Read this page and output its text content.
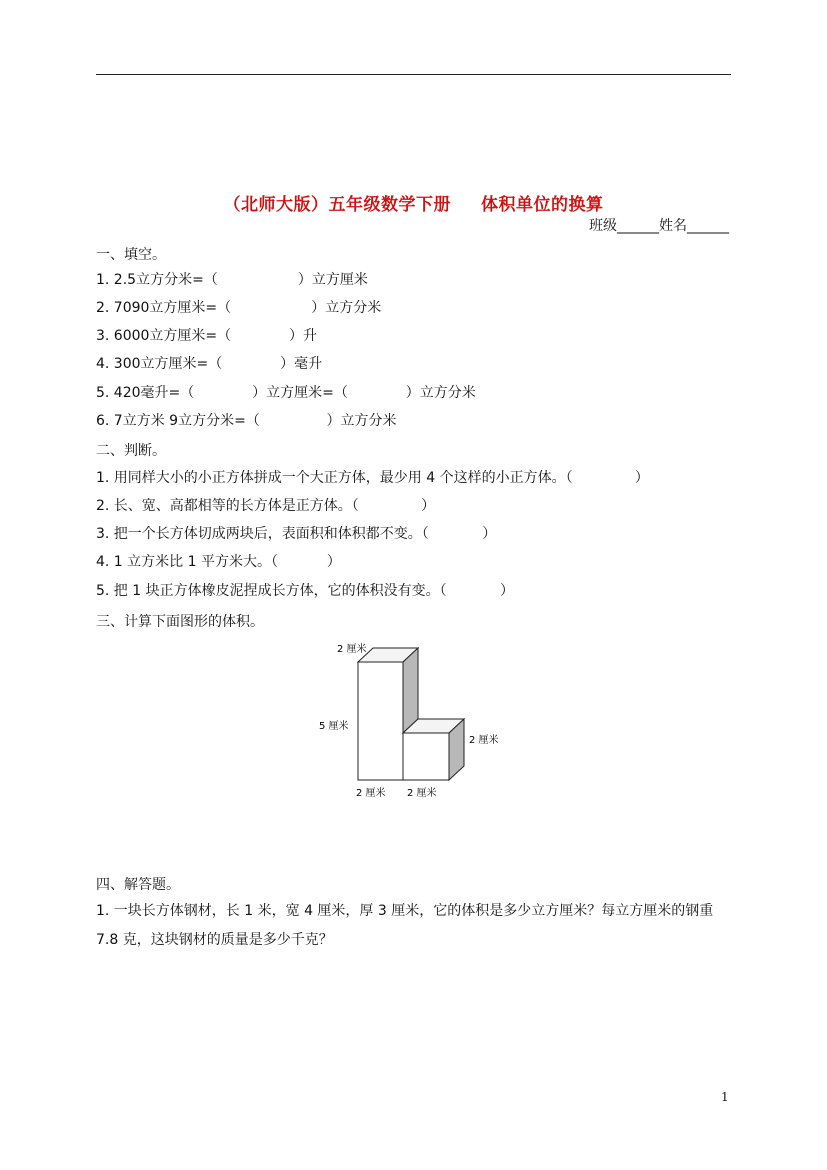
（北师大版）五年级数学下册 体积单位的换算
班级______姓名______
一、填空。
1. 2.5立方分米=（                  ）立方厘米
2. 7090立方厘米=（                  ）立方分米
3. 6000立方厘米=（             ）升
4. 300立方厘米=（             ）毫升
5. 420毫升=（             ）立方厘米=（             ）立方分米
6. 7立方米 9立方分米=（               ）立方分米
二、判断。
1. 用同样大小的小正方体拼成一个大正方体，最少用 4 个这样的小正方体。（              ）
2. 长、宽、高都相等的长方体是正方体。（              ）
3. 把一个长方体切成两块后，表面积和体积都不变。（            ）
4. 1 立方米比 1 平方米大。（           ）
5. 把 1 块正方体橡皮泥捏成长方体，它的体积没有变。（            ）
三、计算下面图形的体积。
2 厘米
5 厘米
2 厘米
2 厘米 2 厘米
四、解答题。
1. 一块长方体钢材，长 1 米，宽 4 厘米，厚 3 厘米，它的体积是多少立方厘米？每立方厘米的钢重
7.8 克，这块钢材的质量是多少千克？
1
